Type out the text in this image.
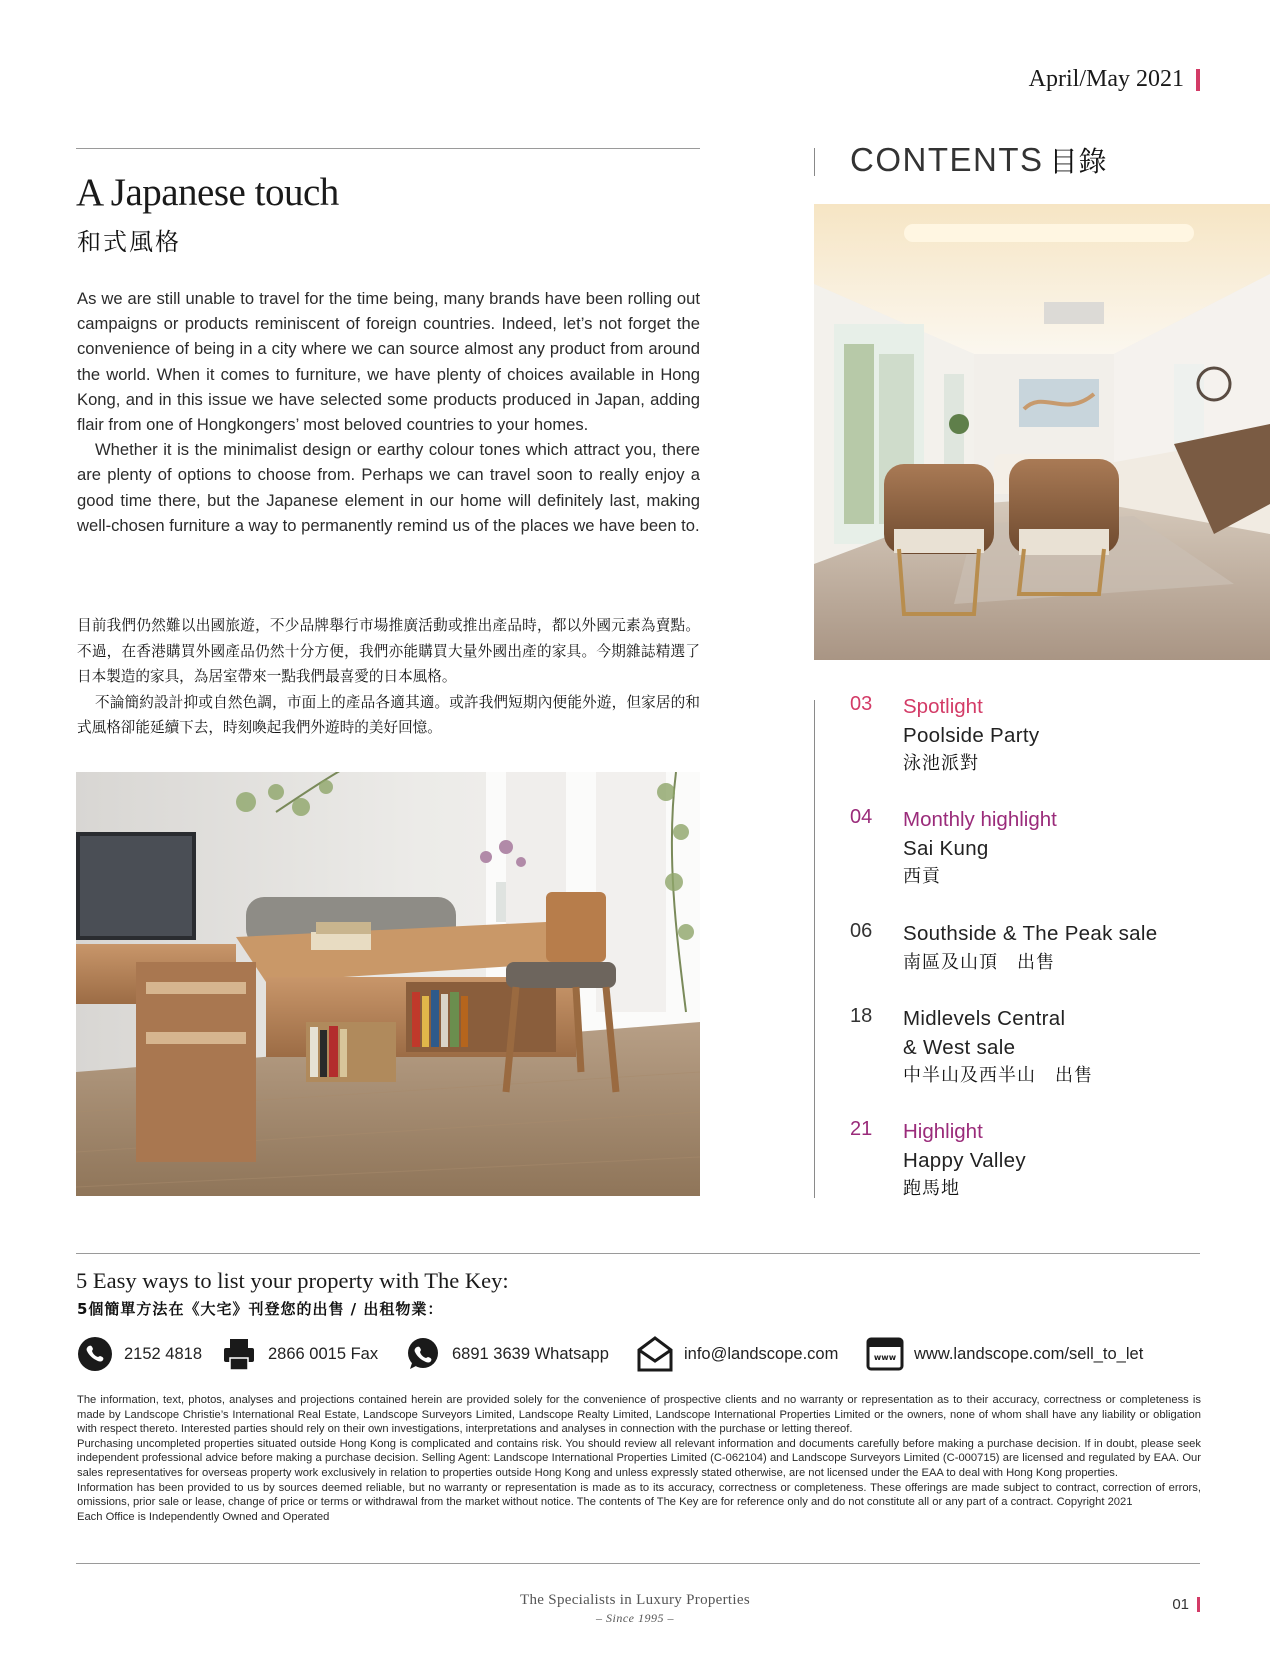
April/May 2021
A Japanese touch
和式風格

As we are still unable to travel for the time being, many brands have been rolling out campaigns or products reminiscent of foreign countries. Indeed, let’s not forget the convenience of being in a city where we can source almost any product from around the world. When it comes to furniture, we have plenty of choices available in Hong Kong, and in this issue we have selected some products produced in Japan, adding flair from one of Hongkongers’ most beloved countries to your homes.

Whether it is the minimalist design or earthy colour tones which attract you, there are plenty of options to choose from. Perhaps we can travel soon to really enjoy a good time there, but the Japanese element in our home will definitely last, making well-chosen furniture a way to permanently remind us of the places we have been to.

目前我們仍然難以出國旅遊，不少品牌舉行市場推廣活動或推出產品時，都以外國元素為賣點。不過，在香港購買外國產品仍然十分方便，我們亦能購買大量外國出產的家具。今期雜誌精選了日本製造的家具，為居室帶來一點我們最喜愛的日本風格。

不論簡約設計抑或自然色調，市面上的產品各適其適。或許我們短期內便能外遊，但家居的和式風格卻能延續下去，時刻喚起我們外遊時的美好回憶。

CONTENTS 目錄
03 Spotlight
Poolside Party
泳池派對
04 Monthly highlight
Sai Kung
西貢
06 Southside & The Peak sale
南區及山頂　出售
18 Midlevels Central
& West sale
中半山及西半山　出售
21 Highlight
Happy Valley
跑馬地
5 Easy ways to list your property with The Key:
5個簡單方法在《大宅》刊登您的出售 / 出租物業：
2152 4818	2866 0015 Fax	6891 3639 Whatsapp	info@landscope.com	www www.landscope.com/sell_to_let

The information, text, photos, analyses and projections contained herein are provided solely for the convenience of prospective clients and no warranty or representation as to their accuracy, correctness or completeness is made by Landscope Christie’s International Real Estate, Landscope Surveyors Limited, Landscope Realty Limited, Landscope International Properties Limited or the owners, none of whom shall have any liability or obligation with respect thereto. Interested parties should rely on their own investigations, interpretations and analyses in connection with the purchase or letting thereof.

Purchasing uncompleted properties situated outside Hong Kong is complicated and contains risk. You should review all relevant information and documents carefully before making a purchase decision. If in doubt, please seek independent professional advice before making a purchase decision. Selling Agent: Landscope International Properties Limited (C-062104) and Landscope Surveyors Limited (C-000715) are licensed and regulated by EAA. Our sales representatives for overseas property work exclusively in relation to properties outside Hong Kong and unless expressly stated otherwise, are not licensed under the EAA to deal with Hong Kong properties.

Information has been provided to us by sources deemed reliable, but no warranty or representation is made as to its accuracy, correctness or completeness. These offerings are made subject to contract, correction of errors, omissions, prior sale or lease, change of price or terms or withdrawal from the market without notice. The contents of The Key are for reference only and do not constitute all or any part of a contract. Copyright 2021

Each Office is Independently Owned and Operated

The Specialists in Luxury Properties
– Since 1995 –
01
